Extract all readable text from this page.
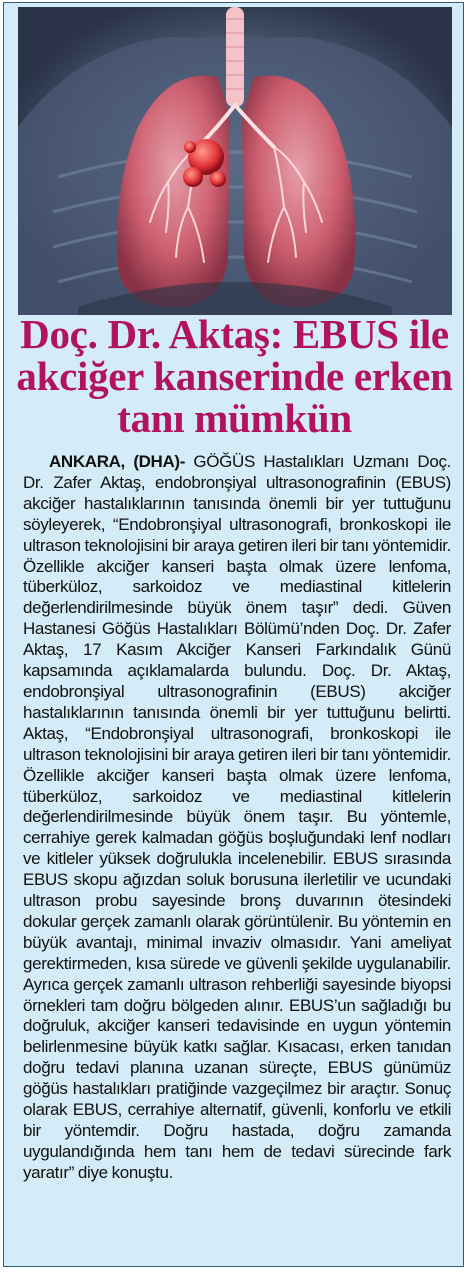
Doç. Dr. Aktaş: EBUS ile akciğer kanserinde erken tanı mümkün

ANKARA, (DHA)- GÖĞÜS Hastalıkları Uzmanı Doç. Dr. Zafer Aktaş, endobronşiyal ultrasonografinin (EBUS) akciğer hastalıklarının tanısında önemli bir yer tuttuğunu söyleyerek, “Endobronşiyal ultrasonografi, bronkoskopi ile ultrason teknolojisini bir araya getiren ileri bir tanı yöntemidir. Özellikle akciğer kanseri başta olmak üzere lenfoma, tüberküloz, sarkoidoz ve mediastinal kitlelerin değerlendirilmesinde büyük önem taşır” dedi. Güven Hastanesi Göğüs Hastalıkları Bölümü’nden Doç. Dr. Zafer Aktaş, 17 Kasım Akciğer Kanseri Farkındalık Günü kapsamında açıklamalarda bulundu. Doç. Dr. Aktaş, endobronşiyal ultrasonografinin (EBUS) akciğer hastalıklarının tanısında önemli bir yer tuttuğunu belirtti. Aktaş, “Endobronşiyal ultrasonografi, bronkoskopi ile ultrason teknolojisini bir araya getiren ileri bir tanı yöntemidir. Özellikle akciğer kanseri başta olmak üzere lenfoma, tüberküloz, sarkoidoz ve mediastinal kitlelerin değerlendirilmesinde büyük önem taşır. Bu yöntemle, cerrahiye gerek kalmadan göğüs boşluğundaki lenf nodları ve kitleler yüksek doğrulukla incelenebilir. EBUS sırasında EBUS skopu ağızdan soluk borusuna ilerletilir ve ucundaki ultrason probu sayesinde bronş duvarının ötesindeki dokular gerçek zamanlı olarak görüntülenir. Bu yöntemin en büyük avantajı, minimal invaziv olmasıdır. Yani ameliyat gerektirmeden, kısa sürede ve güvenli şekilde uygulanabilir. Ayrıca gerçek zamanlı ultrason rehberliği sayesinde biyopsi örnekleri tam doğru bölgeden alınır. EBUS’un sağladığı bu doğruluk, akciğer kanseri tedavisinde en uygun yöntemin belirlenmesine büyük katkı sağlar. Kısacası, erken tanıdan doğru tedavi planına uzanan süreçte, EBUS günümüz göğüs hastalıkları pratiğinde vazgeçilmez bir araçtır. Sonuç olarak EBUS, cerrahiye alternatif, güvenli, konforlu ve etkili bir yöntemdir. Doğru hastada, doğru zamanda uygulandığında hem tanı hem de tedavi sürecinde fark yaratır” diye konuştu.
